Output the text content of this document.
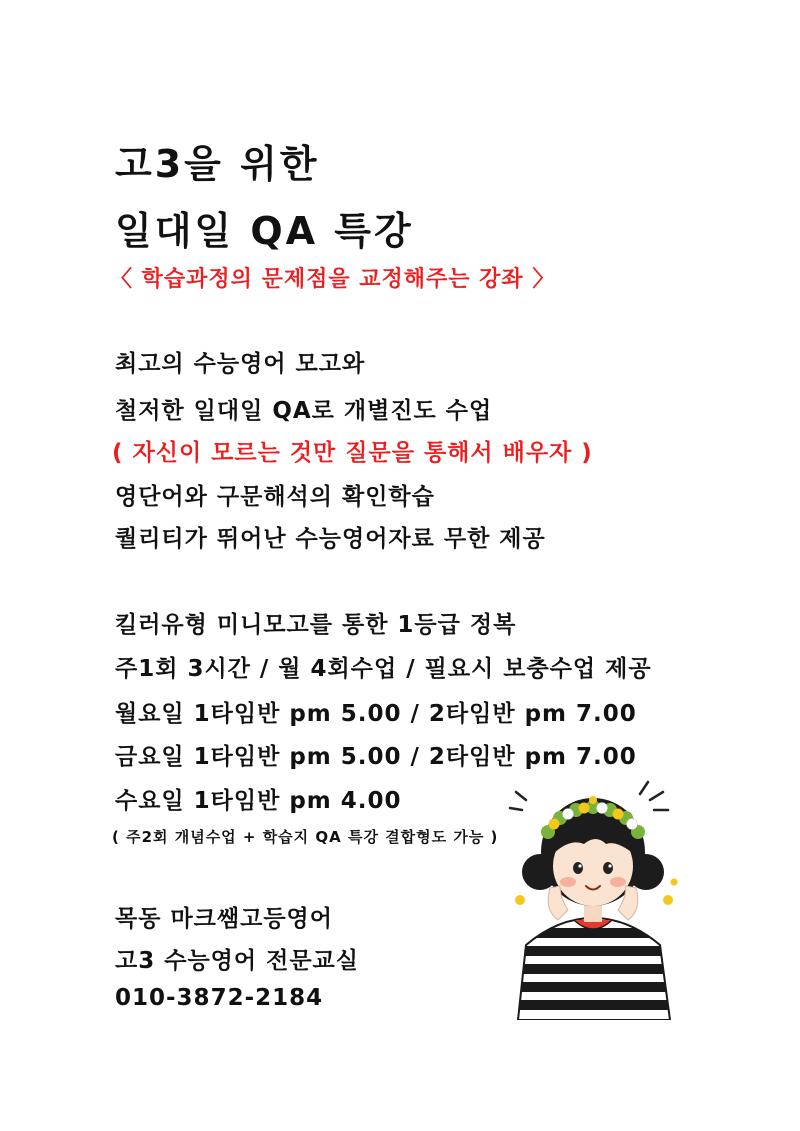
고3을 위한
일대일 QA 특강
〈 학습과정의 문제점을 교정해주는 강좌 〉
최고의 수능영어 모고와
철저한 일대일 QA로 개별진도 수업
( 자신이 모르는 것만 질문을 통해서 배우자 )
영단어와 구문해석의 확인학습
퀄리티가 뛰어난 수능영어자료 무한 제공
킬러유형 미니모고를 통한 1등급 정복
주1회 3시간 / 월 4회수업 / 필요시 보충수업 제공
월요일 1타임반 pm 5.00 / 2타임반 pm 7.00
금요일 1타임반 pm 5.00 / 2타임반 pm 7.00
수요일 1타임반 pm 4.00
( 주2회 개념수업 + 학습지 QA 특강 결합형도 가능 )
목동 마크쌤고등영어
고3 수능영어 전문교실
010-3872-2184
